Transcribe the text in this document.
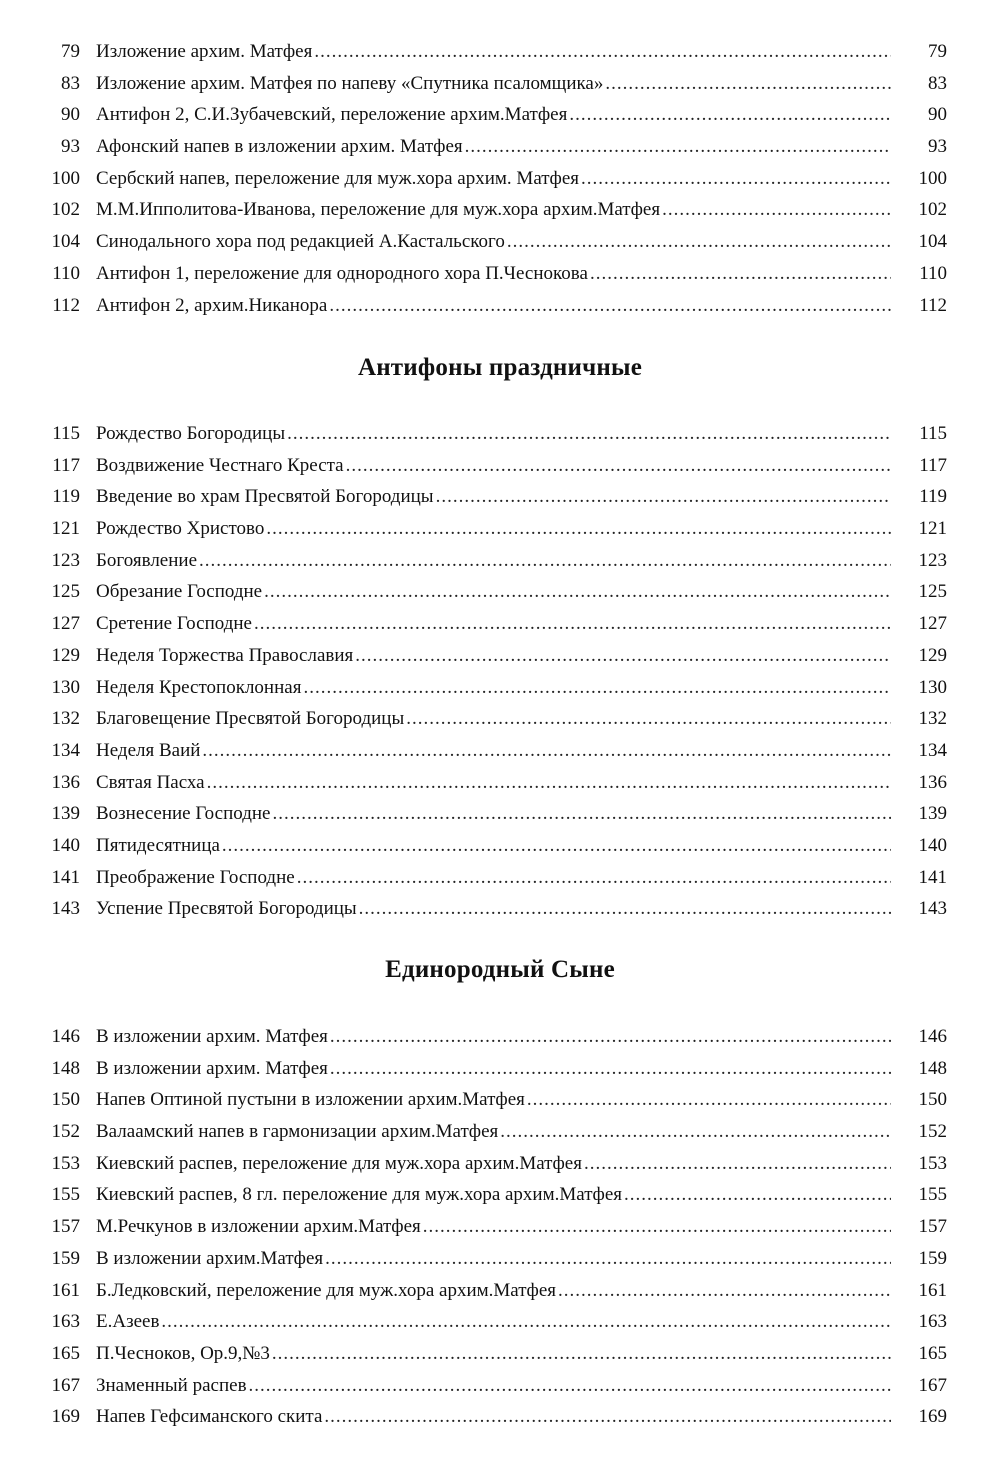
79 Изложение архим. Матфея .....	79
83 Изложение архим. Матфея по напеву «Спутника псаломщика» .....	83
90 Антифон 2, С.И.Зубачевский, переложение архим.Матфея .....	90
93 Афонский напев в изложении архим. Матфея .....	93
100 Сербский напев, переложение для муж.хора архим. Матфея .....	100
102 М.М.Ипполитова-Иванова, переложение для муж.хора архим.Матфея .....	102
104 Синодального хора под редакцией А.Кастальского .....	104
110 Антифон 1, переложение для однородного хора П.Чеснокова .....	110
112 Антифон 2, архим.Никанора .....	112
Антифоны праздничные
115 Рождество Богородицы .....	115
117 Воздвижение Честнаго Креста .....	117
119 Введение во храм Пресвятой Богородицы .....	119
121 Рождество Христово .....	121
123 Богоявление .....	123
125 Обрезание Господне .....	125
127 Сретение Господне .....	127
129 Неделя Торжества Православия .....	129
130 Неделя Крестопоклонная .....	130
132 Благовещение Пресвятой Богородицы .....	132
134 Неделя Ваий .....	134
136 Святая Пасха .....	136
139 Вознесение Господне .....	139
140 Пятидесятница .....	140
141 Преображение Господне .....	141
143 Успение Пресвятой Богородицы .....	143
Единородный Сыне
146 В изложении архим. Матфея .....	146
148 В изложении архим. Матфея .....	148
150 Напев Оптиной пустыни в изложении архим.Матфея .....	150
152 Валаамский напев в гармонизации архим.Матфея .....	152
153 Киевский распев, переложение для муж.хора архим.Матфея .....	153
155 Киевский распев, 8 гл. переложение для муж.хора архим.Матфея .....	155
157 М.Речкунов в изложении архим.Матфея .....	157
159 В изложении архим.Матфея .....	159
161 Б.Ледковский, переложение для муж.хора архим.Матфея .....	161
163 Е.Азеев .....	163
165 П.Чесноков, Ор.9,№3 .....	165
167 Знаменный распев .....	167
169 Напев Гефсиманского скита .....	169
